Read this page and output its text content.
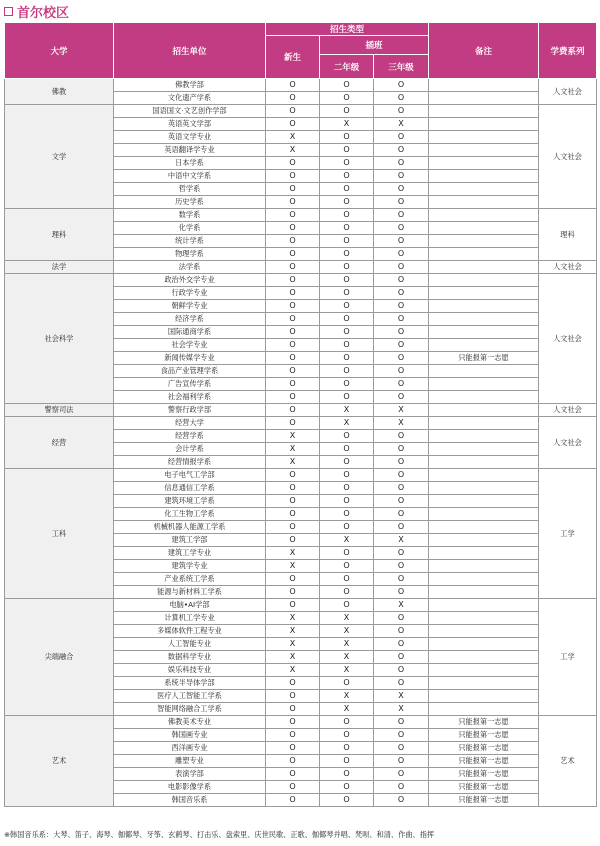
首尔校区
大学	招生单位	招生类型			备注	学费系列
		新生	插班			
			二年级	三年级		
佛教	佛教学部	O	O	O		人文社会
	文化遗产学系	O	O	O		
文学	国语国文·文艺创作学部	O	O	O		人文社会
	英语英文学部	O	X	X		
	英语文学专业	X	O	O		
	英语翻译学专业	X	O	O		
	日本学系	O	O	O		
	中语中文学系	O	O	O		
	哲学系	O	O	O		
	历史学系	O	O	O		
理科	数学系	O	O	O		理科
	化学系	O	O	O		
	统计学系	O	O	O		
	物理学系	O	O	O		
法学	法学系	O	O	O		人文社会
社会科学	政治外交学专业	O	O	O		人文社会
	行政学专业	O	O	O		
	朝鲜学专业	O	O	O		
	经济学系	O	O	O		
	国际通商学系	O	O	O		
	社会学专业	O	O	O		
	新闻传媒学专业	O	O	O	只能报第一志愿	
	食品产业管理学系	O	O	O		
	广告宣传学系	O	O	O		
	社会福利学系	O	O	O		
警察司法	警察行政学部	O	X	X		人文社会
经营	经营大学	O	X	X		人文社会
	经营学系	X	O	O		
	会计学系	X	O	O		
	经营情报学系	X	O	O		
工科	电子电气工学部	O	O	O		工学
	信息通信工学系	O	O	O		
	建筑环境工学系	O	O	O		
	化工生物工学系	O	O	O		
	机械机器人能源工学系	O	O	O		
	建筑工学部	O	X	X		
	建筑工学专业	X	O	O		
	建筑学专业	X	O	O		
	产业系统工学系	O	O	O		
	能源与新材料工学系	O	O	O		
尖端融合	电脑•AI学部	O	O	X		工学
	计算机工学专业	X	X	O		
	多媒体软件工程专业	X	X	O		
	人工智能专业	X	X	O		
	数据科学专业	X	X	O		
	娱乐科技专业	X	X	O		
	系统半导体学部	O	O	O		
	医疗人工智能工学系	O	X	X		
	智能网络融合工学系	O	X	X		
艺术	佛教美术专业	O	O	O	只能报第一志愿	艺术
	韩国画专业	O	O	O	只能报第一志愿	
	西洋画专业	O	O	O	只能报第一志愿	
	雕塑专业	O	O	O	只能报第一志愿	
	表演学部	O	O	O	只能报第一志愿	
	电影影像学系	O	O	O	只能报第一志愿	
	韩国音乐系	O	O	O	只能报第一志愿	
※韩国音乐系：大琴、笛子、海琴、伽倻琴、牙筝、玄鹤琴、打击乐、盘索里、庆世民歌、正歌、伽倻琴并唱、梵呗、和清、作曲、指挥
